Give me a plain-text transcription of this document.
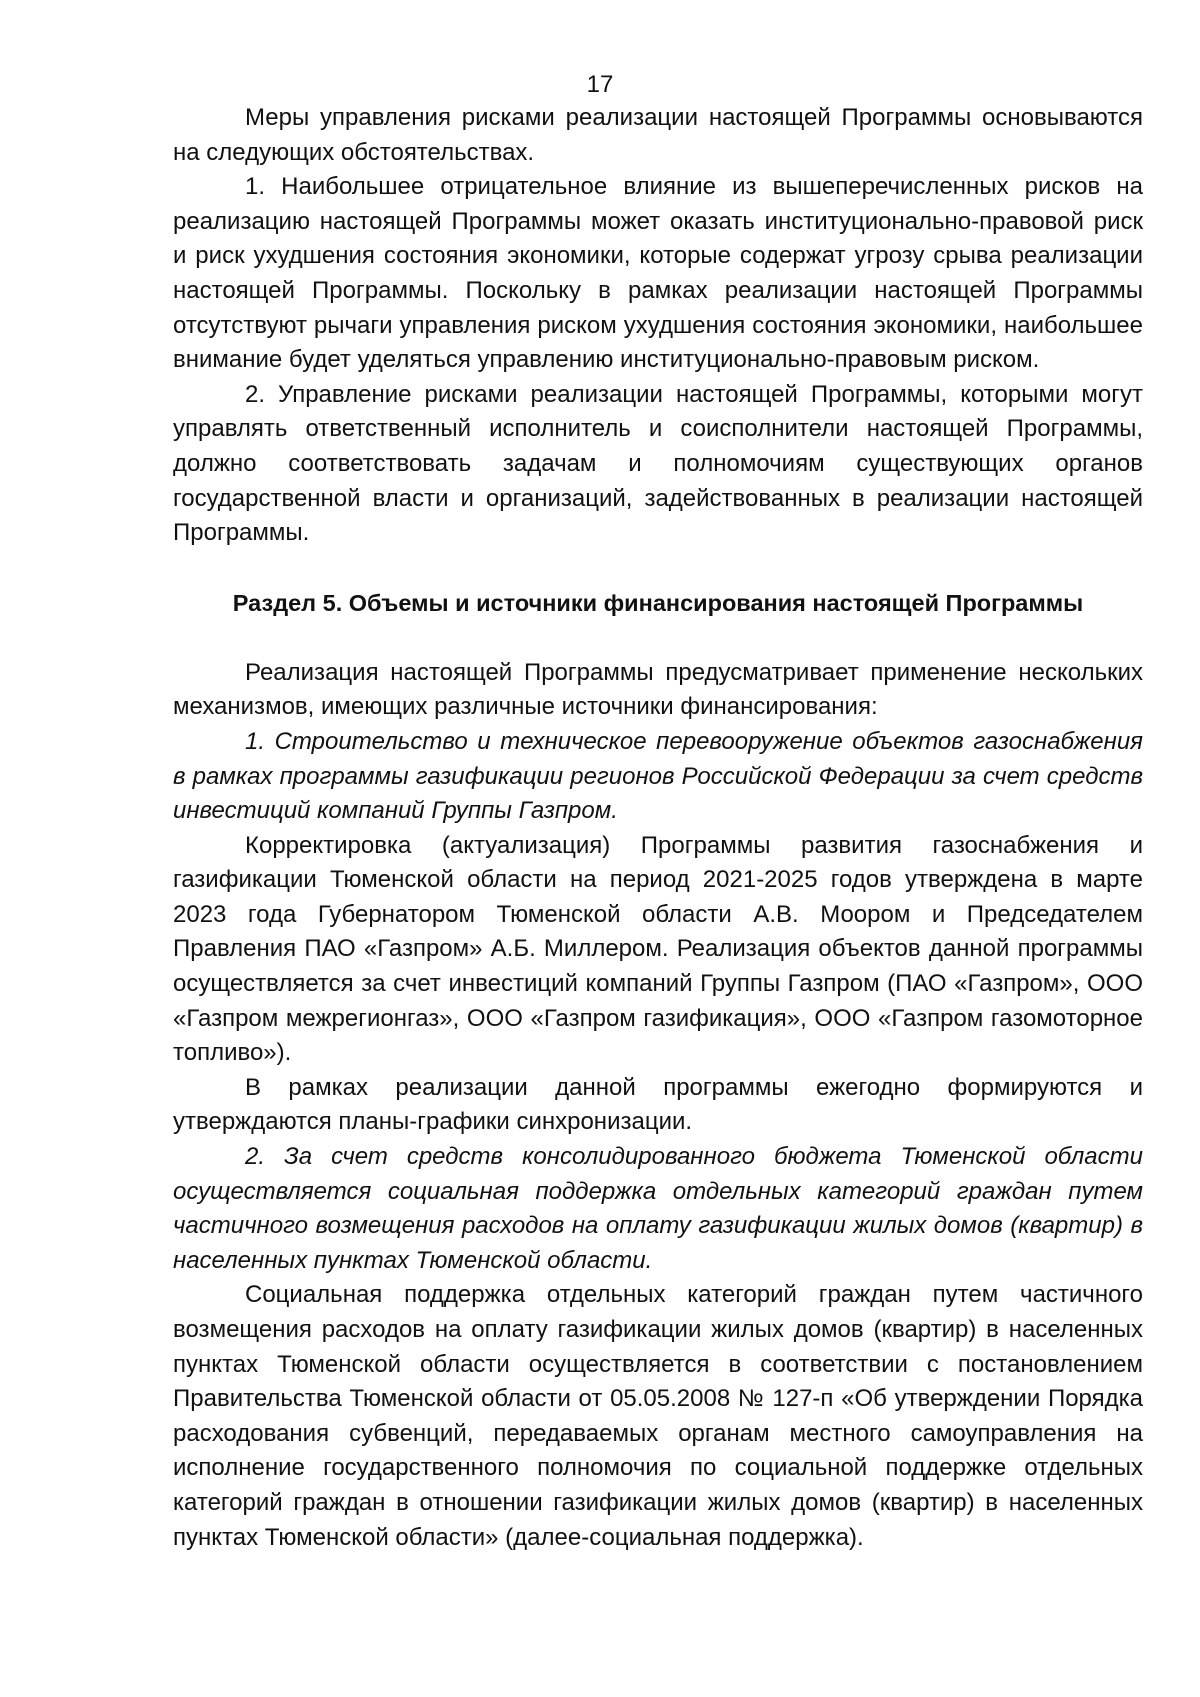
17

Меры управления рисками реализации настоящей Программы основываются на следующих обстоятельствах.

1. Наибольшее отрицательное влияние из вышеперечисленных рисков на реализацию настоящей Программы может оказать институционально-правовой риск и риск ухудшения состояния экономики, которые содержат угрозу срыва реализации настоящей Программы. Поскольку в рамках реализации настоящей Программы отсутствуют рычаги управления риском ухудшения состояния экономики, наибольшее внимание будет уделяться управлению институционально-правовым риском.

2. Управление рисками реализации настоящей Программы, которыми могут управлять ответственный исполнитель и соисполнители настоящей Программы, должно соответствовать задачам и полномочиям существующих органов государственной власти и организаций, задействованных в реализации настоящей Программы.

Раздел 5. Объемы и источники финансирования настоящей Программы

Реализация настоящей Программы предусматривает применение нескольких механизмов, имеющих различные источники финансирования:

1. Строительство и техническое перевооружение объектов газоснабжения в рамках программы газификации регионов Российской Федерации за счет средств инвестиций компаний Группы Газпром.

Корректировка (актуализация) Программы развития газоснабжения и газификации Тюменской области на период 2021-2025 годов утверждена в марте 2023 года Губернатором Тюменской области А.В. Моором и Председателем Правления ПАО «Газпром» А.Б. Миллером. Реализация объектов данной программы осуществляется за счет инвестиций компаний Группы Газпром (ПАО «Газпром», ООО «Газпром межрегионгаз», ООО «Газпром газификация», ООО «Газпром газомоторное топливо»).

В рамках реализации данной программы ежегодно формируются и утверждаются планы-графики синхронизации.

2. За счет средств консолидированного бюджета Тюменской области осуществляется социальная поддержка отдельных категорий граждан путем частичного возмещения расходов на оплату газификации жилых домов (квартир) в населенных пунктах Тюменской области.

Социальная поддержка отдельных категорий граждан путем частичного возмещения расходов на оплату газификации жилых домов (квартир) в населенных пунктах Тюменской области осуществляется в соответствии с постановлением Правительства Тюменской области от 05.05.2008 № 127-п «Об утверждении Порядка расходования субвенций, передаваемых органам местного самоуправления на исполнение государственного полномочия по социальной поддержке отдельных категорий граждан в отношении газификации жилых домов (квартир) в населенных пунктах Тюменской области» (далее-социальная поддержка).
